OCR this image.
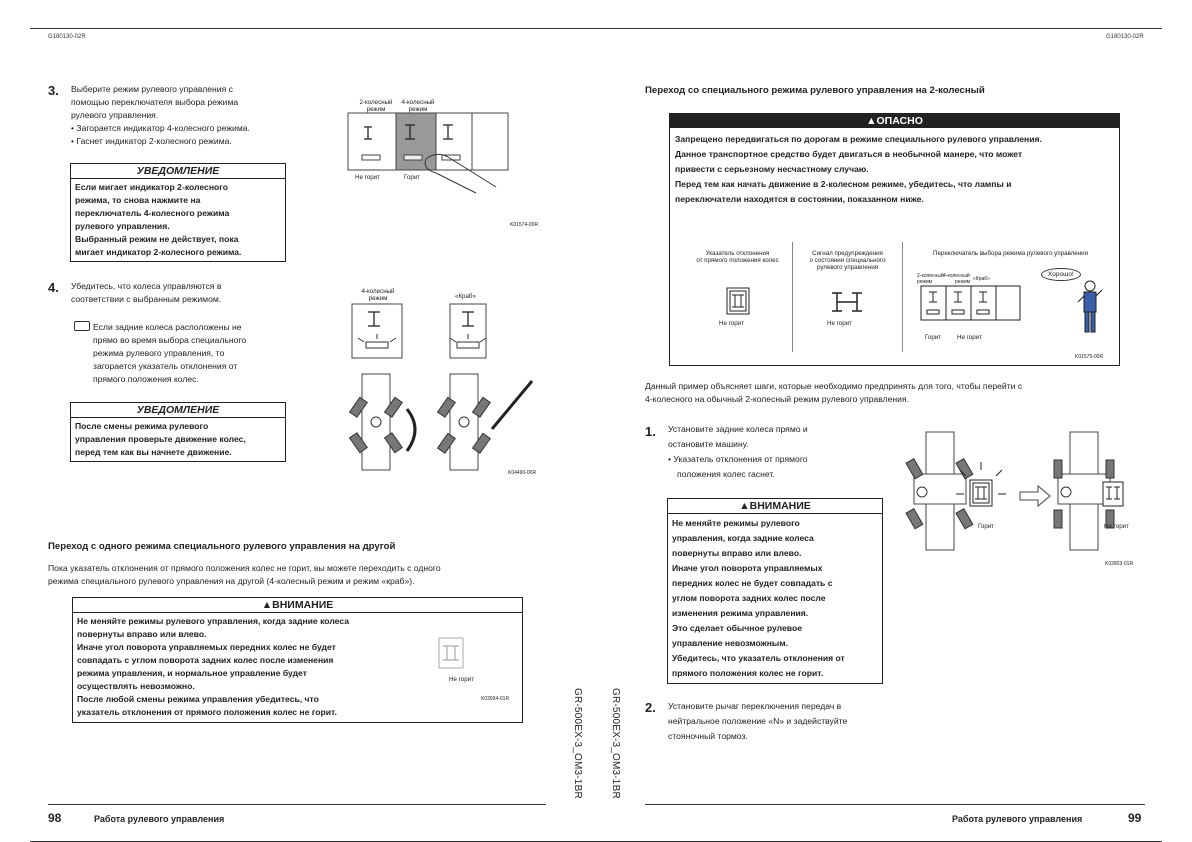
G180130-02R	G180130-02R
3. Выберите режим рулевого управления с
помощью переключателя выбора режима
рулевого управления.
• Загорается индикатор 4-колесного режима.
• Гаснет индикатор 2-колесного режима.
УВЕДОМЛЕНИЕ
Если мигает индикатор 2-колесного
режима, то снова нажмите на
переключатель 4-колесного режима
рулевого управления.
Выбранный режим не действует, пока
мигает индикатор 2-колесного режима.
2-колесный
режим
4-колесный
режим
Не горит	Горит
K01574-00R
4. Убедитесь, что колеса управляются в
соответствии с выбранным режимом.
Если задние колеса расположены не
прямо во время выбора специального
режима рулевого управления, то
загорается указатель отклонения от
прямого положения колес.
УВЕДОМЛЕНИЕ
После смены режима рулевого
управления проверьте движение колес,
перед тем как вы начнете движение.
4-колесный
режим	«Краб»
K04490-00R
Переход с одного режима специального рулевого управления на другой
Пока указатель отклонения от прямого положения колес не горит, вы можете переходить с одного
режима специального рулевого управления на другой (4-колесный режим и режим «краб»).
▲ВНИМАНИЕ
Не меняйте режимы рулевого управления, когда задние колеса
повернуты вправо или влево.
Иначе угол поворота управляемых передних колес не будет
совпадать с углом поворота задних колес после изменения
режима управления, и нормальное управление будет
осуществлять невозможно.
После любой смены режима управления убедитесь, что
указатель отклонения от прямого положения колес не горит.
Не горит
K03934-01R	GR-500EX-3_OM3-1BR	GR-500EX-3_OM3-1BR
98	Работа рулевого управления
Переход со специального режима рулевого управления на 2-колесный
▲ОПАСНО
Запрещено передвигаться по дорогам в режиме специального рулевого управления.
Данное транспортное средство будет двигаться в необычной манере, что может
привести с серьезному несчастному случаю.
Перед тем как начать движение в 2-колесном режиме, убедитесь, что лампы и
переключатели находятся в состоянии, показанном ниже.
Указатель отклонения
от прямого положения колес
Не горит
Сигнал предупреждения
о состоянии специального
рулевого управления
Не горит
Переключатель выбора режима рулевого управления
2-колесный 4-колесный
режим	режим «Краб»
Горит	Не горит
Хорошо!
K01575-00R
Данный пример объясняет шаги, которые необходимо предпринять для того, чтобы перейти с
4-колесного на обычный 2-колесный режим рулевого управления.
1. Установите задние колеса прямо и
остановите машину.
• Указатель отклонения от прямого
положения колес гаснет.
▲ВНИМАНИЕ
Не меняйте режимы рулевого
управления, когда задние колеса
повернуты вправо или влево.
Иначе угол поворота управляемых
передних колес не будет совпадать с
углом поворота задних колес после
изменения режима управления.
Это сделает обычное рулевое
управление невозможным.
Убедитесь, что указатель отклонения от
прямого положения колес не горит.
Горит	Не горит
K02803-01R
2. Установите рычаг переключения передач в
нейтральное положение «N» и задействуйте
стояночный тормоз.
Работа рулевого управления	99
